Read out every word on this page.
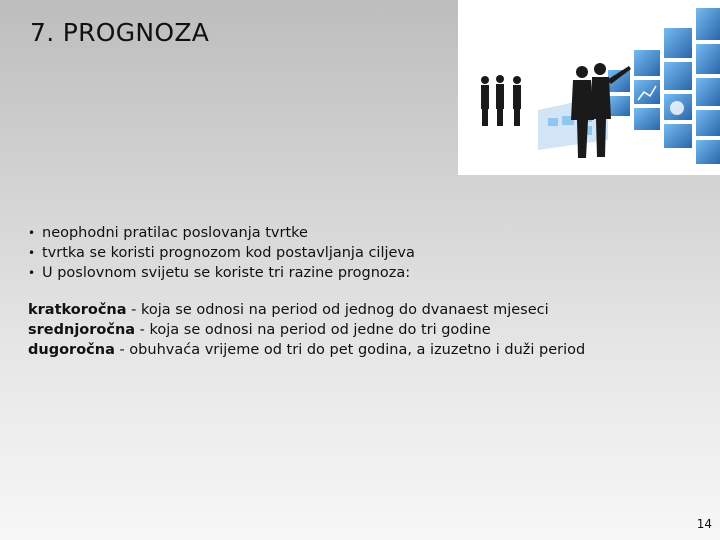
7. PROGNOZA
• neophodni pratilac poslovanja tvrtke
• tvrtka se koristi prognozom kod postavljanja ciljeva
• U poslovnom svijetu se koriste tri razine prognoza:
kratkoročna - koja se odnosi na period od jednog do dvanaest mjeseci
srednjoročna - koja se odnosi na period od jedne do tri godine
dugoročna - obuhvaća vrijeme od tri do pet godina, a izuzetno i duži period
14
